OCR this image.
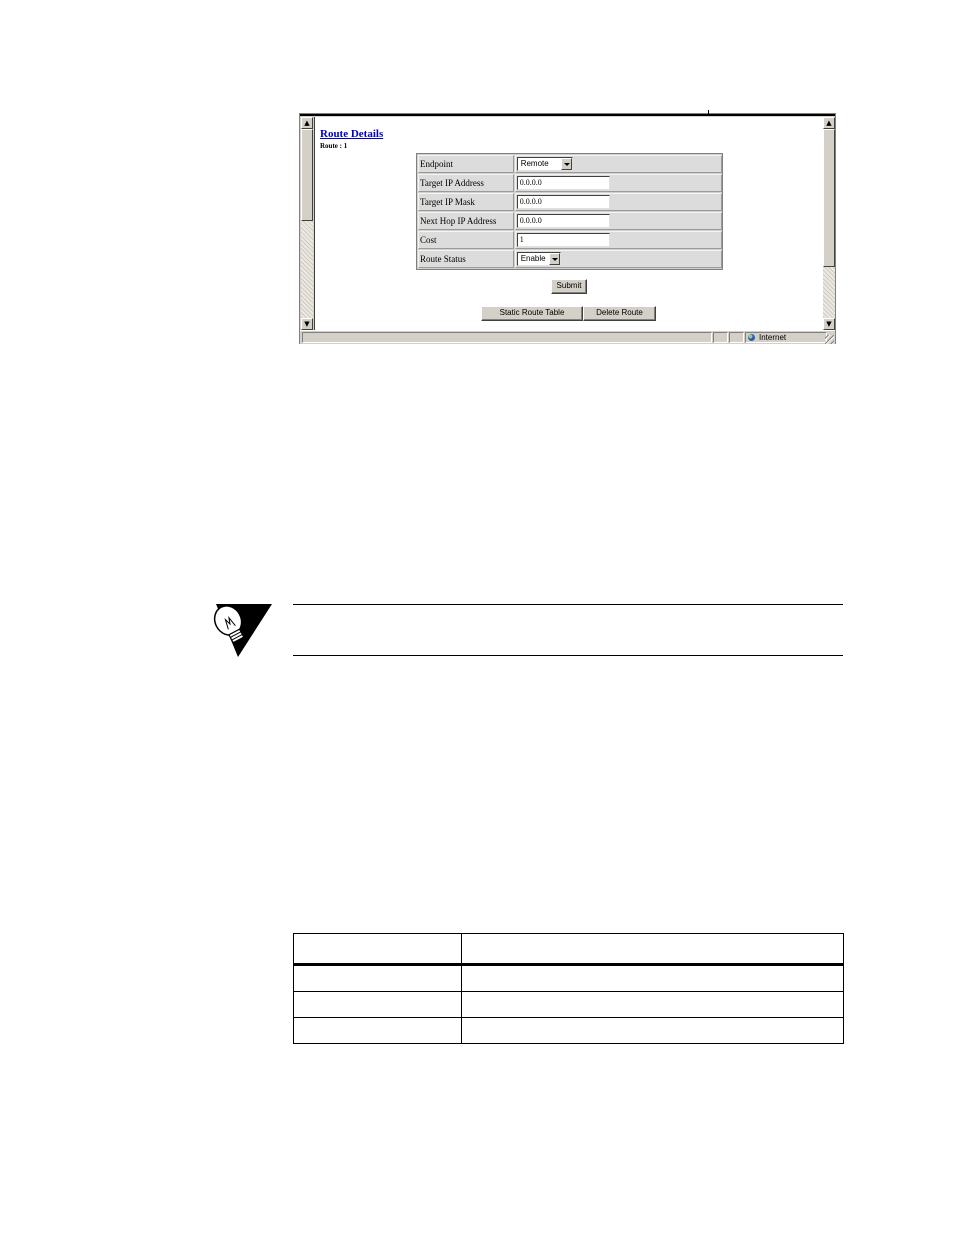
▲
▼
Route Details
Route : 1
Endpoint	Remote
Target IP Address	0.0.0.0
Target IP Mask	0.0.0.0
Next Hop IP Address	0.0.0.0
Cost	1
Route Status	Enable
Submit
Static Route Table	Delete Route
▲
▼
Internet
